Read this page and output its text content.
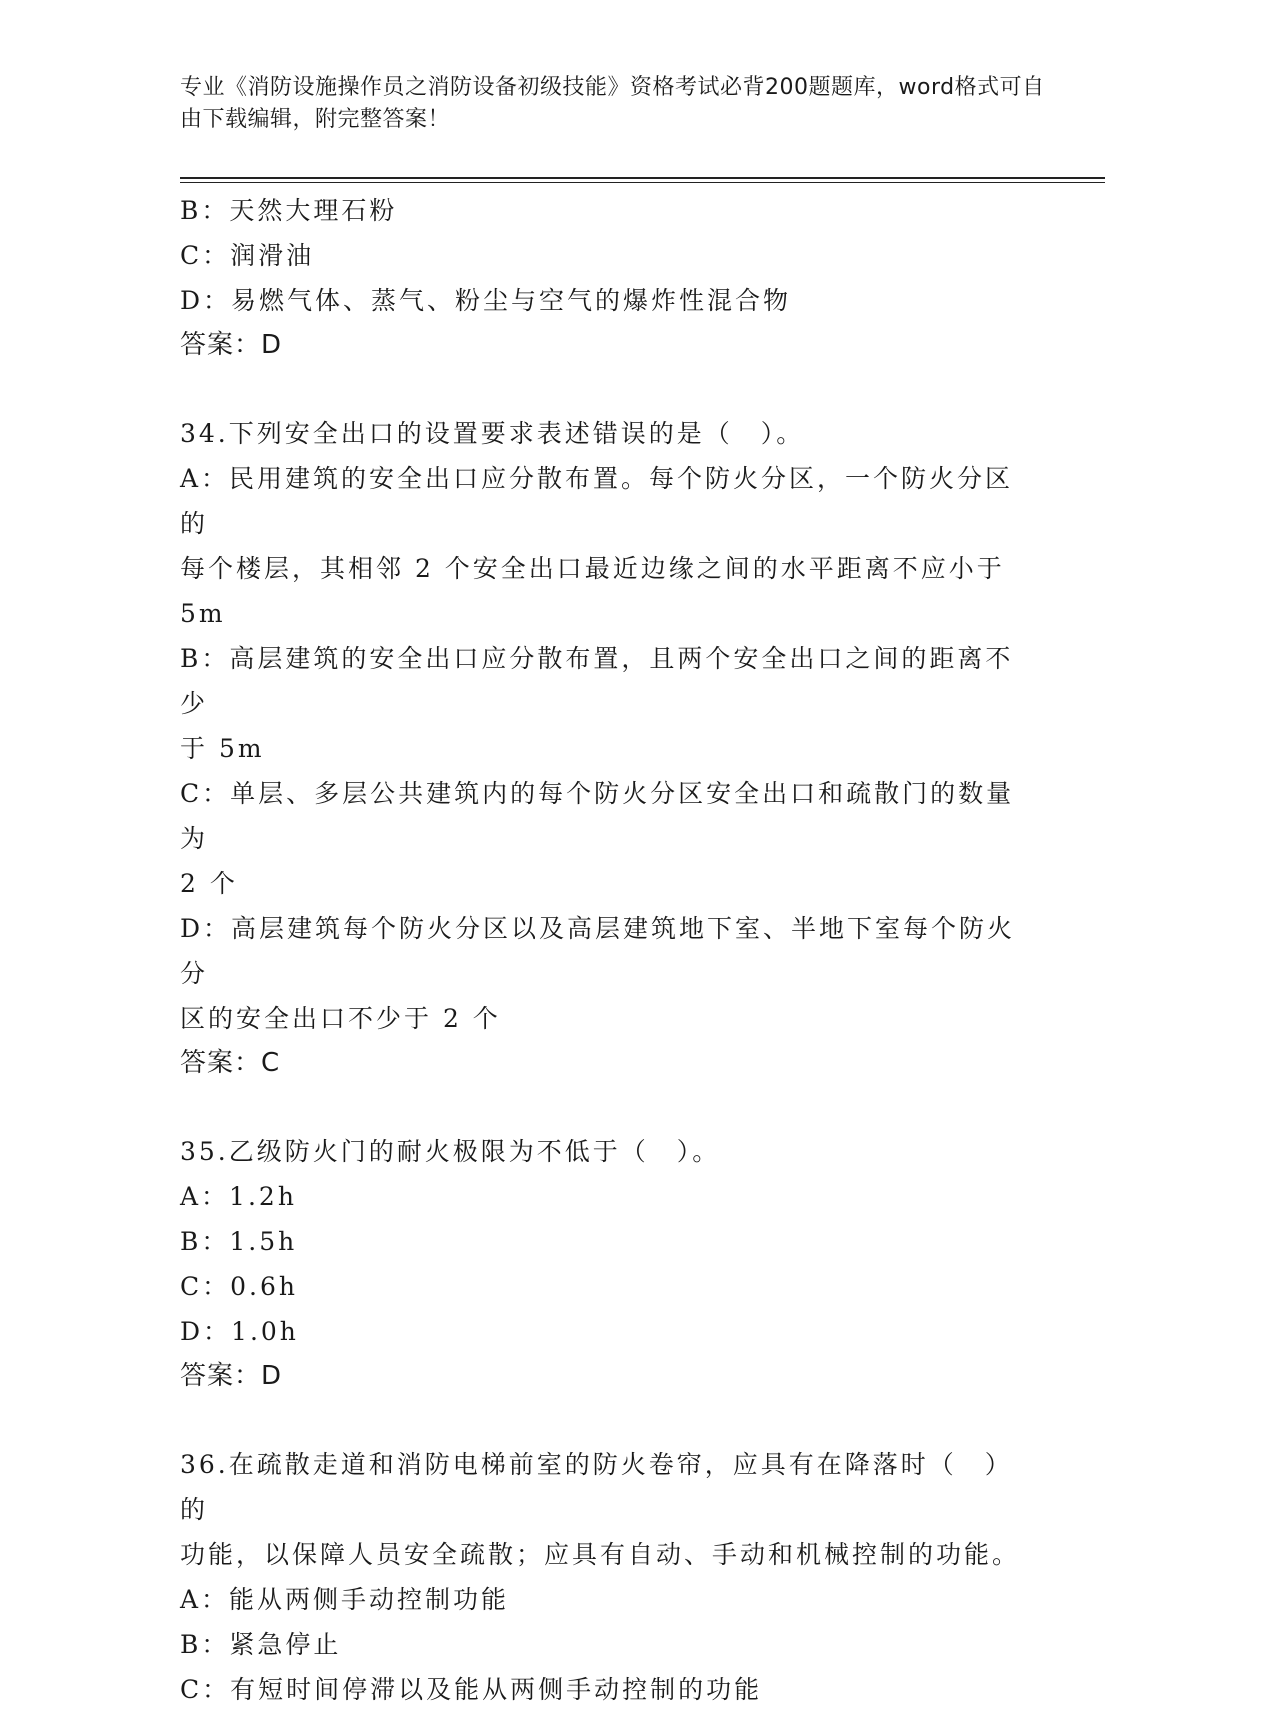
专业《消防设施操作员之消防设备初级技能》资格考试必背200题题库，word格式可自由下载编辑，附完整答案！
B：天然大理石粉
C：润滑油
D：易燃气体、蒸气、粉尘与空气的爆炸性混合物
答案：D
34.下列安全出口的设置要求表述错误的是（　）。
A：民用建筑的安全出口应分散布置。每个防火分区，一个防火分区的
每个楼层，其相邻 2 个安全出口最近边缘之间的水平距离不应小于 5m
B：高层建筑的安全出口应分散布置，且两个安全出口之间的距离不少
于 5m
C：单层、多层公共建筑内的每个防火分区安全出口和疏散门的数量为
2 个
D：高层建筑每个防火分区以及高层建筑地下室、半地下室每个防火分
区的安全出口不少于 2 个
答案：C
35.乙级防火门的耐火极限为不低于（　）。
A：1.2h
B：1.5h
C：0.6h
D：1.0h
答案：D
36.在疏散走道和消防电梯前室的防火卷帘，应具有在降落时（　）的
功能，以保障人员安全疏散；应具有自动、手动和机械控制的功能。
A：能从两侧手动控制功能
B：紧急停止
C：有短时间停滞以及能从两侧手动控制的功能
